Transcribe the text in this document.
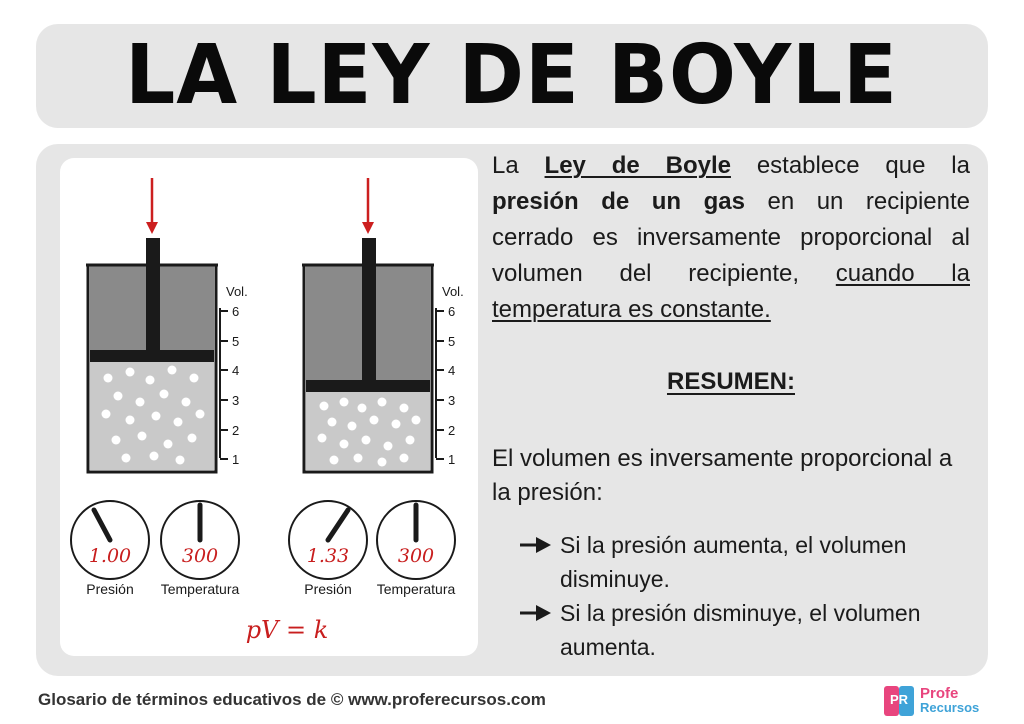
LA LEY DE BOYLE
Vol.
6
5
4
3
2
1
Vol.
6
5
4
3
2
1
1.00
Presión
300
Temperatura
1.33
Presión
300
Temperatura
pV = k
La Ley de Boyle establece que la
presión de un gas en un recipiente
cerrado es inversamente proporcional al
volumen del recipiente, cuando la
temperatura es constante.
RESUMEN:
El volumen es inversamente proporcional a la presión:
Si la presión aumenta, el volumen disminuye.
Si la presión disminuye, el volumen aumenta.
Glosario de términos educativos de © www.proferecursos.com	Profe
Recursos
PR
